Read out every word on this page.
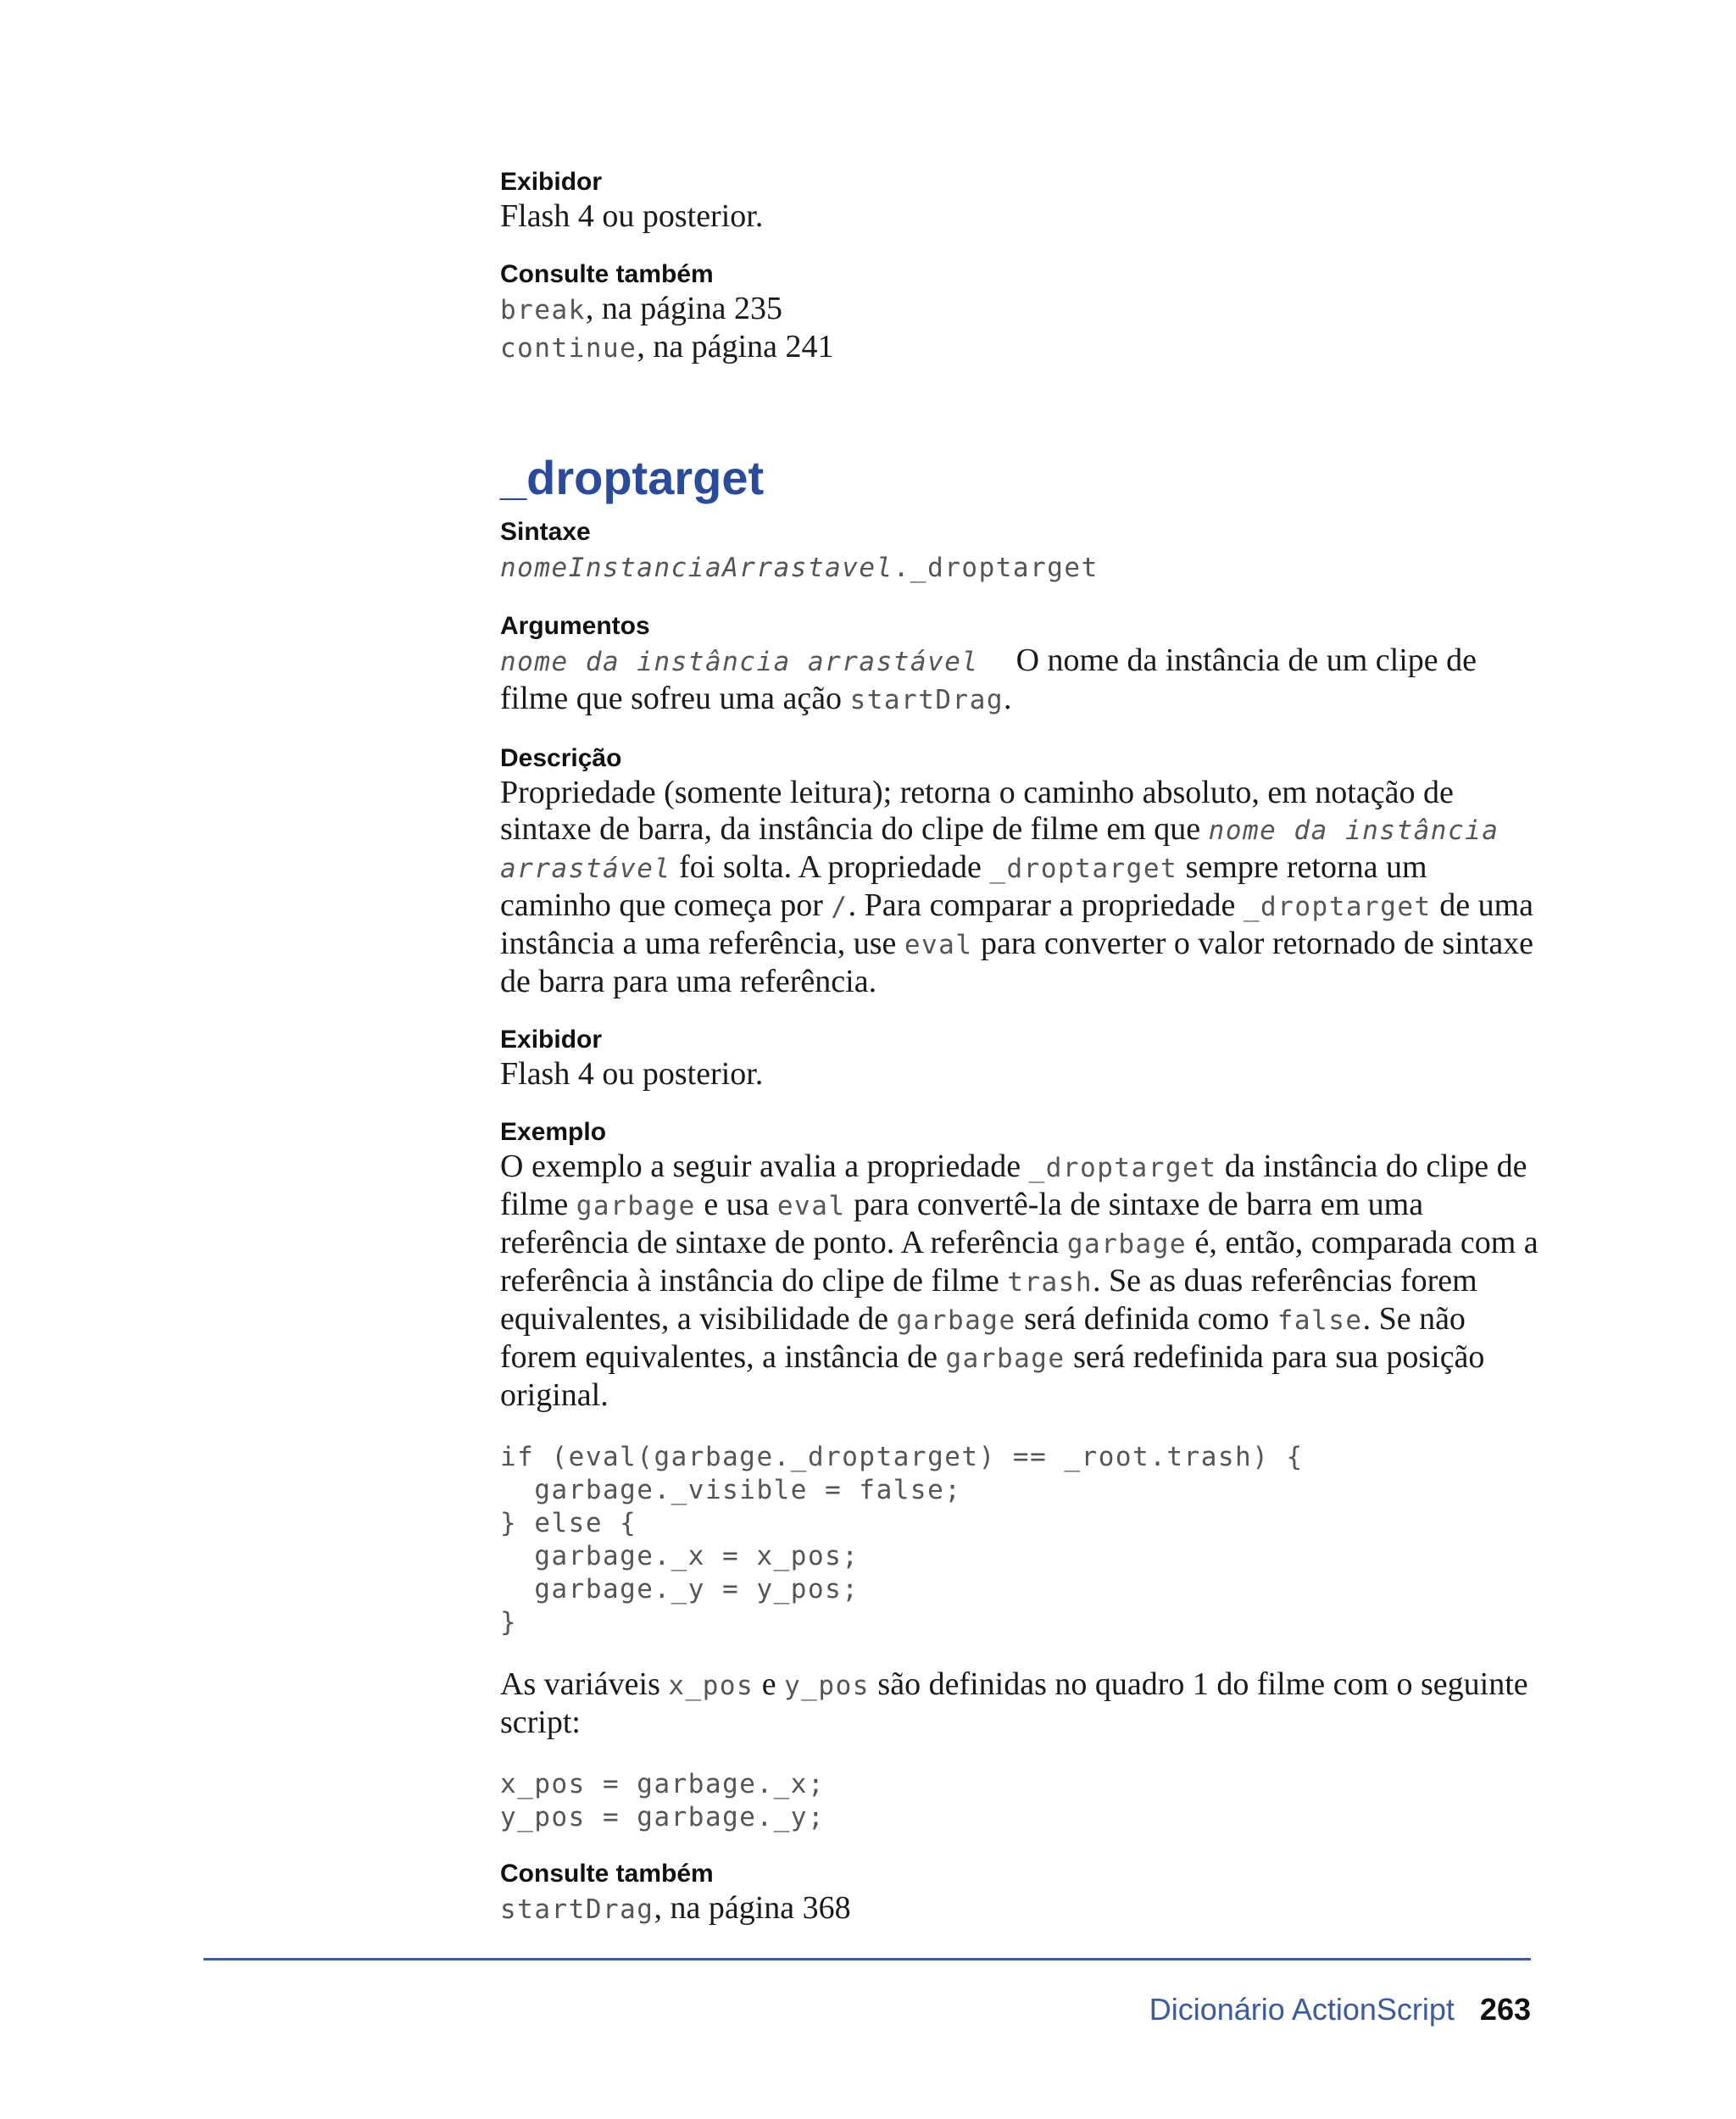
Exibidor
Flash 4 ou posterior.
Consulte também
break, na página 235
continue, na página 241
_droptarget
Sintaxe
nomeInstanciaArrastavel._droptarget
Argumentos
nome da instância arrastável O nome da instância de um clipe de filme que sofreu uma ação startDrag.
Descrição
Propriedade (somente leitura); retorna o caminho absoluto, em notação de sintaxe de barra, da instância do clipe de filme em que nome da instância arrastável foi solta. A propriedade _droptarget sempre retorna um caminho que começa por /. Para comparar a propriedade _droptarget de uma instância a uma referência, use eval para converter o valor retornado de sintaxe de barra para uma referência.
Exibidor
Flash 4 ou posterior.
Exemplo
O exemplo a seguir avalia a propriedade _droptarget da instância do clipe de filme garbage e usa eval para convertê-la de sintaxe de barra em uma referência de sintaxe de ponto. A referência garbage é, então, comparada com a referência à instância do clipe de filme trash. Se as duas referências forem equivalentes, a visibilidade de garbage será definida como false. Se não forem equivalentes, a instância de garbage será redefinida para sua posição original.
if (eval(garbage._droptarget) == _root.trash) {
garbage._visible = false;
} else {
garbage._x = x_pos;
garbage._y = y_pos;
}
As variáveis x_pos e y_pos são definidas no quadro 1 do filme com o seguinte script:
x_pos = garbage._x;
y_pos = garbage._y;
Consulte também
startDrag, na página 368
Dicionário ActionScript 263
